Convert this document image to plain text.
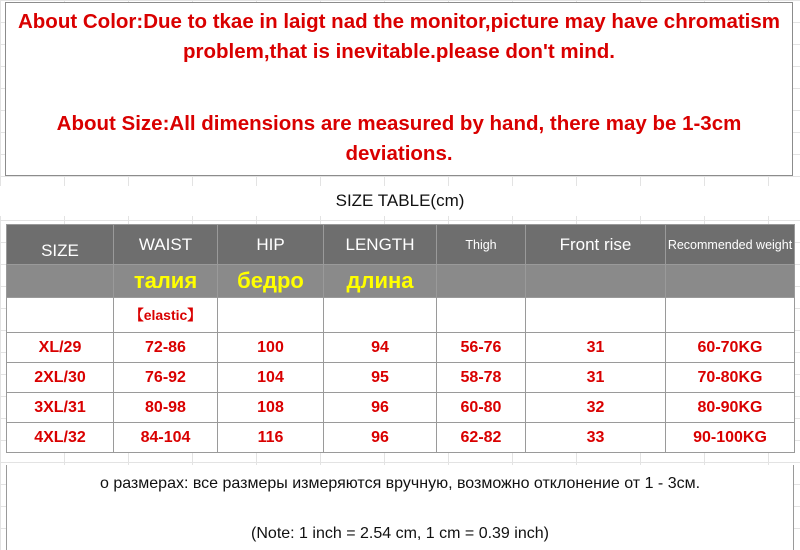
About Color:Due to tkae in laigt nad the monitor,picture may have chromatism problem,that is inevitable.please don't mind.
About Size:All dimensions are measured by hand, there may be 1-3cm deviations.
SIZE TABLE(cm)
SIZE	WAIST	HIP	LENGTH	Thigh	Front rise	Recommended weight
	талия	бедро	длина			
	【elastic】					
XL/29	72-86	100	94	56-76	31	60-70KG
2XL/30	76-92	104	95	58-78	31	70-80KG
3XL/31	80-98	108	96	60-80	32	80-90KG
4XL/32	84-104	116	96	62-82	33	90-100KG
о размерах: все размеры измеряются вручную, возможно отклонение от 1 - 3см.
(Note: 1 inch = 2.54 cm, 1 cm = 0.39 inch)
